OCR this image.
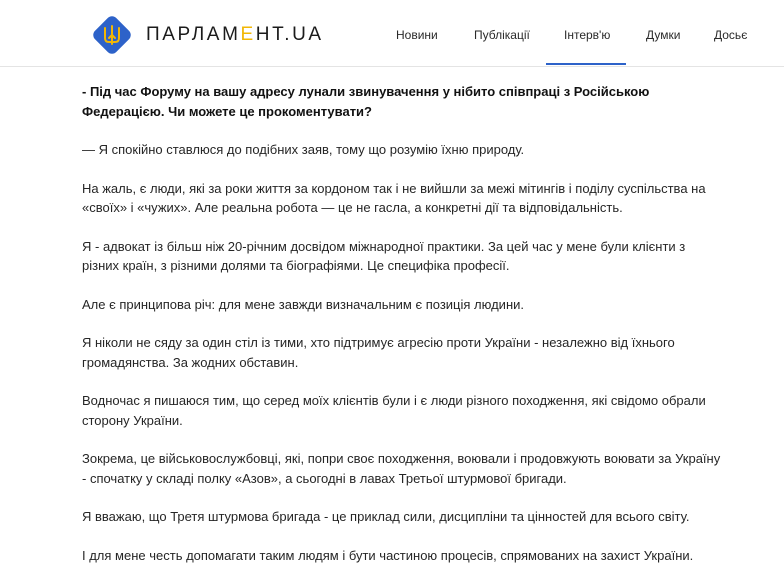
ПАРЛАМЕНТ.UA	Новини	Публікації	Інтерв'ю	Думки	Досьє

- Під час Форуму на вашу адресу лунали звинувачення у нібито співпраці з Російською Федерацією. Чи можете це прокоментувати?

— Я спокійно ставлюся до подібних заяв, тому що розумію їхню природу.

На жаль, є люди, які за роки життя за кордоном так і не вийшли за межі мітингів і поділу суспільства на «своїх» і «чужих». Але реальна робота — це не гасла, а конкретні дії та відповідальність.

Я - адвокат із більш ніж 20-річним досвідом міжнародної практики. За цей час у мене були клієнти з різних країн, з різними долями та біографіями. Це специфіка професії.

Але є принципова річ: для мене завжди визначальним є позиція людини.

Я ніколи не сяду за один стіл із тими, хто підтримує агресію проти України - незалежно від їхнього громадянства. За жодних обставин.

Водночас я пишаюся тим, що серед моїх клієнтів були і є люди різного походження, які свідомо обрали сторону України.

Зокрема, це військовослужбовці, які, попри своє походження, воювали і продовжують воювати за Україну - спочатку у складі полку «Азов», а сьогодні в лавах Третьої штурмової бригади.

Я вважаю, що Третя штурмова бригада - це приклад сили, дисципліни та цінностей для всього світу.

І для мене честь допомагати таким людям і бути частиною процесів, спрямованих на захист України.
